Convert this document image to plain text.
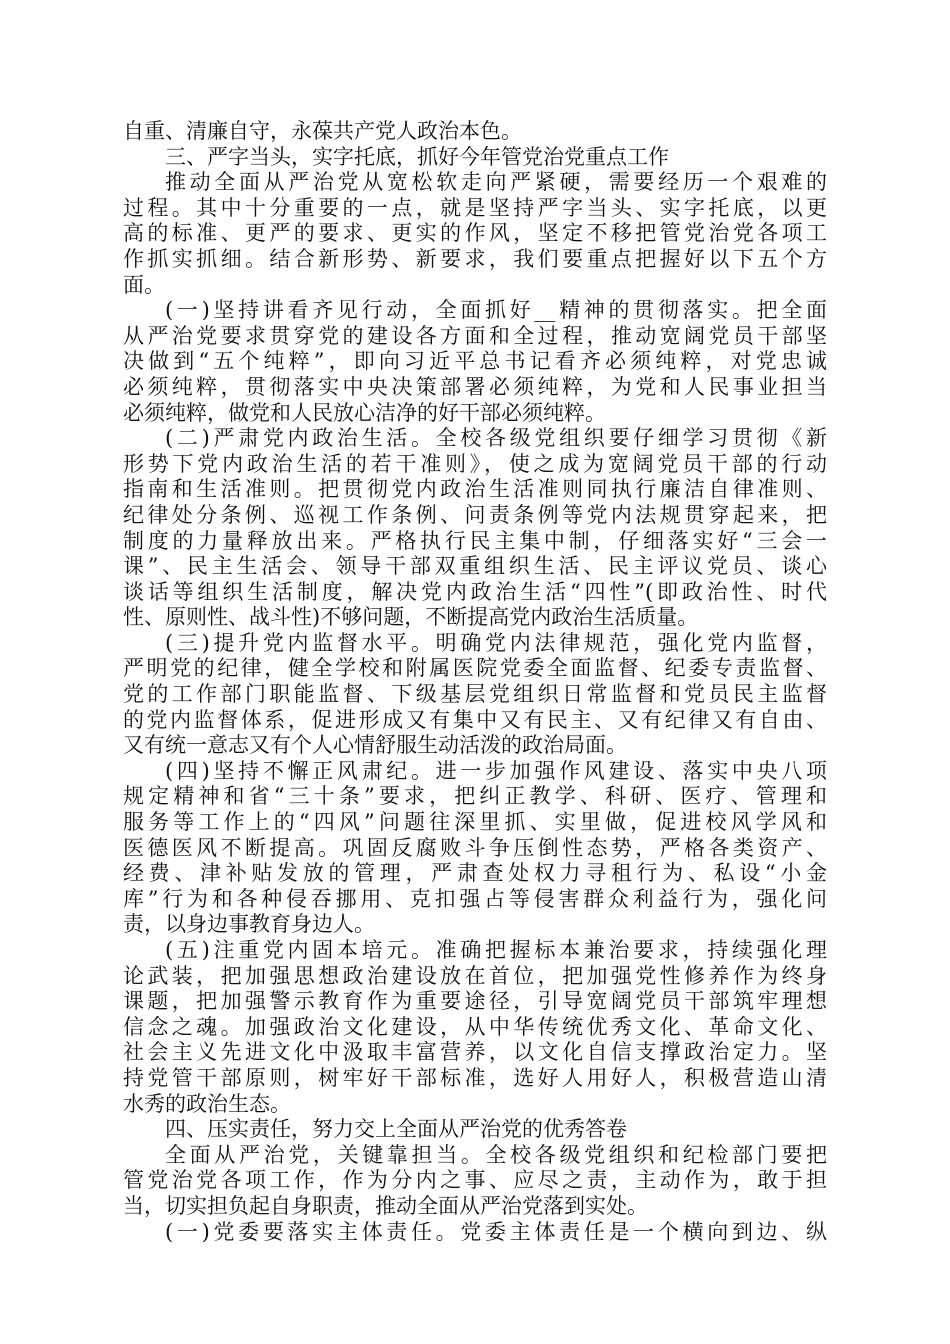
自重、清廉自守，永葆共产党人政治本色。
三、严字当头，实字托底，抓好今年管党治党重点工作
推动全面从严治党从宽松软走向严紧硬，需要经历一个艰难的
过程。其中十分重要的一点，就是坚持严字当头、实字托底，以更
高的标准、更严的要求、更实的作风，坚定不移把管党治党各项工
作抓实抓细。结合新形势、新要求，我们要重点把握好以下五个方
面。
(一)坚持讲看齐见行动，全面抓好__精神的贯彻落实。把全面
从严治党要求贯穿党的建设各方面和全过程，推动宽阔党员干部坚
决做到“五个纯粹”，即向习近平总书记看齐必须纯粹，对党忠诚
必须纯粹，贯彻落实中央决策部署必须纯粹，为党和人民事业担当
必须纯粹，做党和人民放心洁净的好干部必须纯粹。
(二)严肃党内政治生活。全校各级党组织要仔细学习贯彻《新
形势下党内政治生活的若干准则》，使之成为宽阔党员干部的行动
指南和生活准则。把贯彻党内政治生活准则同执行廉洁自律准则、
纪律处分条例、巡视工作条例、问责条例等党内法规贯穿起来，把
制度的力量释放出来。严格执行民主集中制，仔细落实好“三会一
课”、民主生活会、领导干部双重组织生活、民主评议党员、谈心
谈话等组织生活制度，解决党内政治生活“四性”(即政治性、时代
性、原则性、战斗性)不够问题，不断提高党内政治生活质量。
(三)提升党内监督水平。明确党内法律规范，强化党内监督，
严明党的纪律，健全学校和附属医院党委全面监督、纪委专责监督、
党的工作部门职能监督、下级基层党组织日常监督和党员民主监督
的党内监督体系，促进形成又有集中又有民主、又有纪律又有自由、
又有统一意志又有个人心情舒服生动活泼的政治局面。
(四)坚持不懈正风肃纪。进一步加强作风建设、落实中央八项
规定精神和省“三十条”要求，把纠正教学、科研、医疗、管理和
服务等工作上的“四风”问题往深里抓、实里做，促进校风学风和
医德医风不断提高。巩固反腐败斗争压倒性态势，严格各类资产、
经费、津补贴发放的管理，严肃查处权力寻租行为、私设“小金
库”行为和各种侵吞挪用、克扣强占等侵害群众利益行为，强化问
责，以身边事教育身边人。
(五)注重党内固本培元。准确把握标本兼治要求，持续强化理
论武装，把加强思想政治建设放在首位，把加强党性修养作为终身
课题，把加强警示教育作为重要途径，引导宽阔党员干部筑牢理想
信念之魂。加强政治文化建设，从中华传统优秀文化、革命文化、
社会主义先进文化中汲取丰富营养，以文化自信支撑政治定力。坚
持党管干部原则，树牢好干部标准，选好人用好人，积极营造山清
水秀的政治生态。
四、压实责任，努力交上全面从严治党的优秀答卷
全面从严治党，关键靠担当。全校各级党组织和纪检部门要把
管党治党各项工作，作为分内之事、应尽之责，主动作为，敢于担
当，切实担负起自身职责，推动全面从严治党落到实处。
(一)党委要落实主体责任。党委主体责任是一个横向到边、纵
